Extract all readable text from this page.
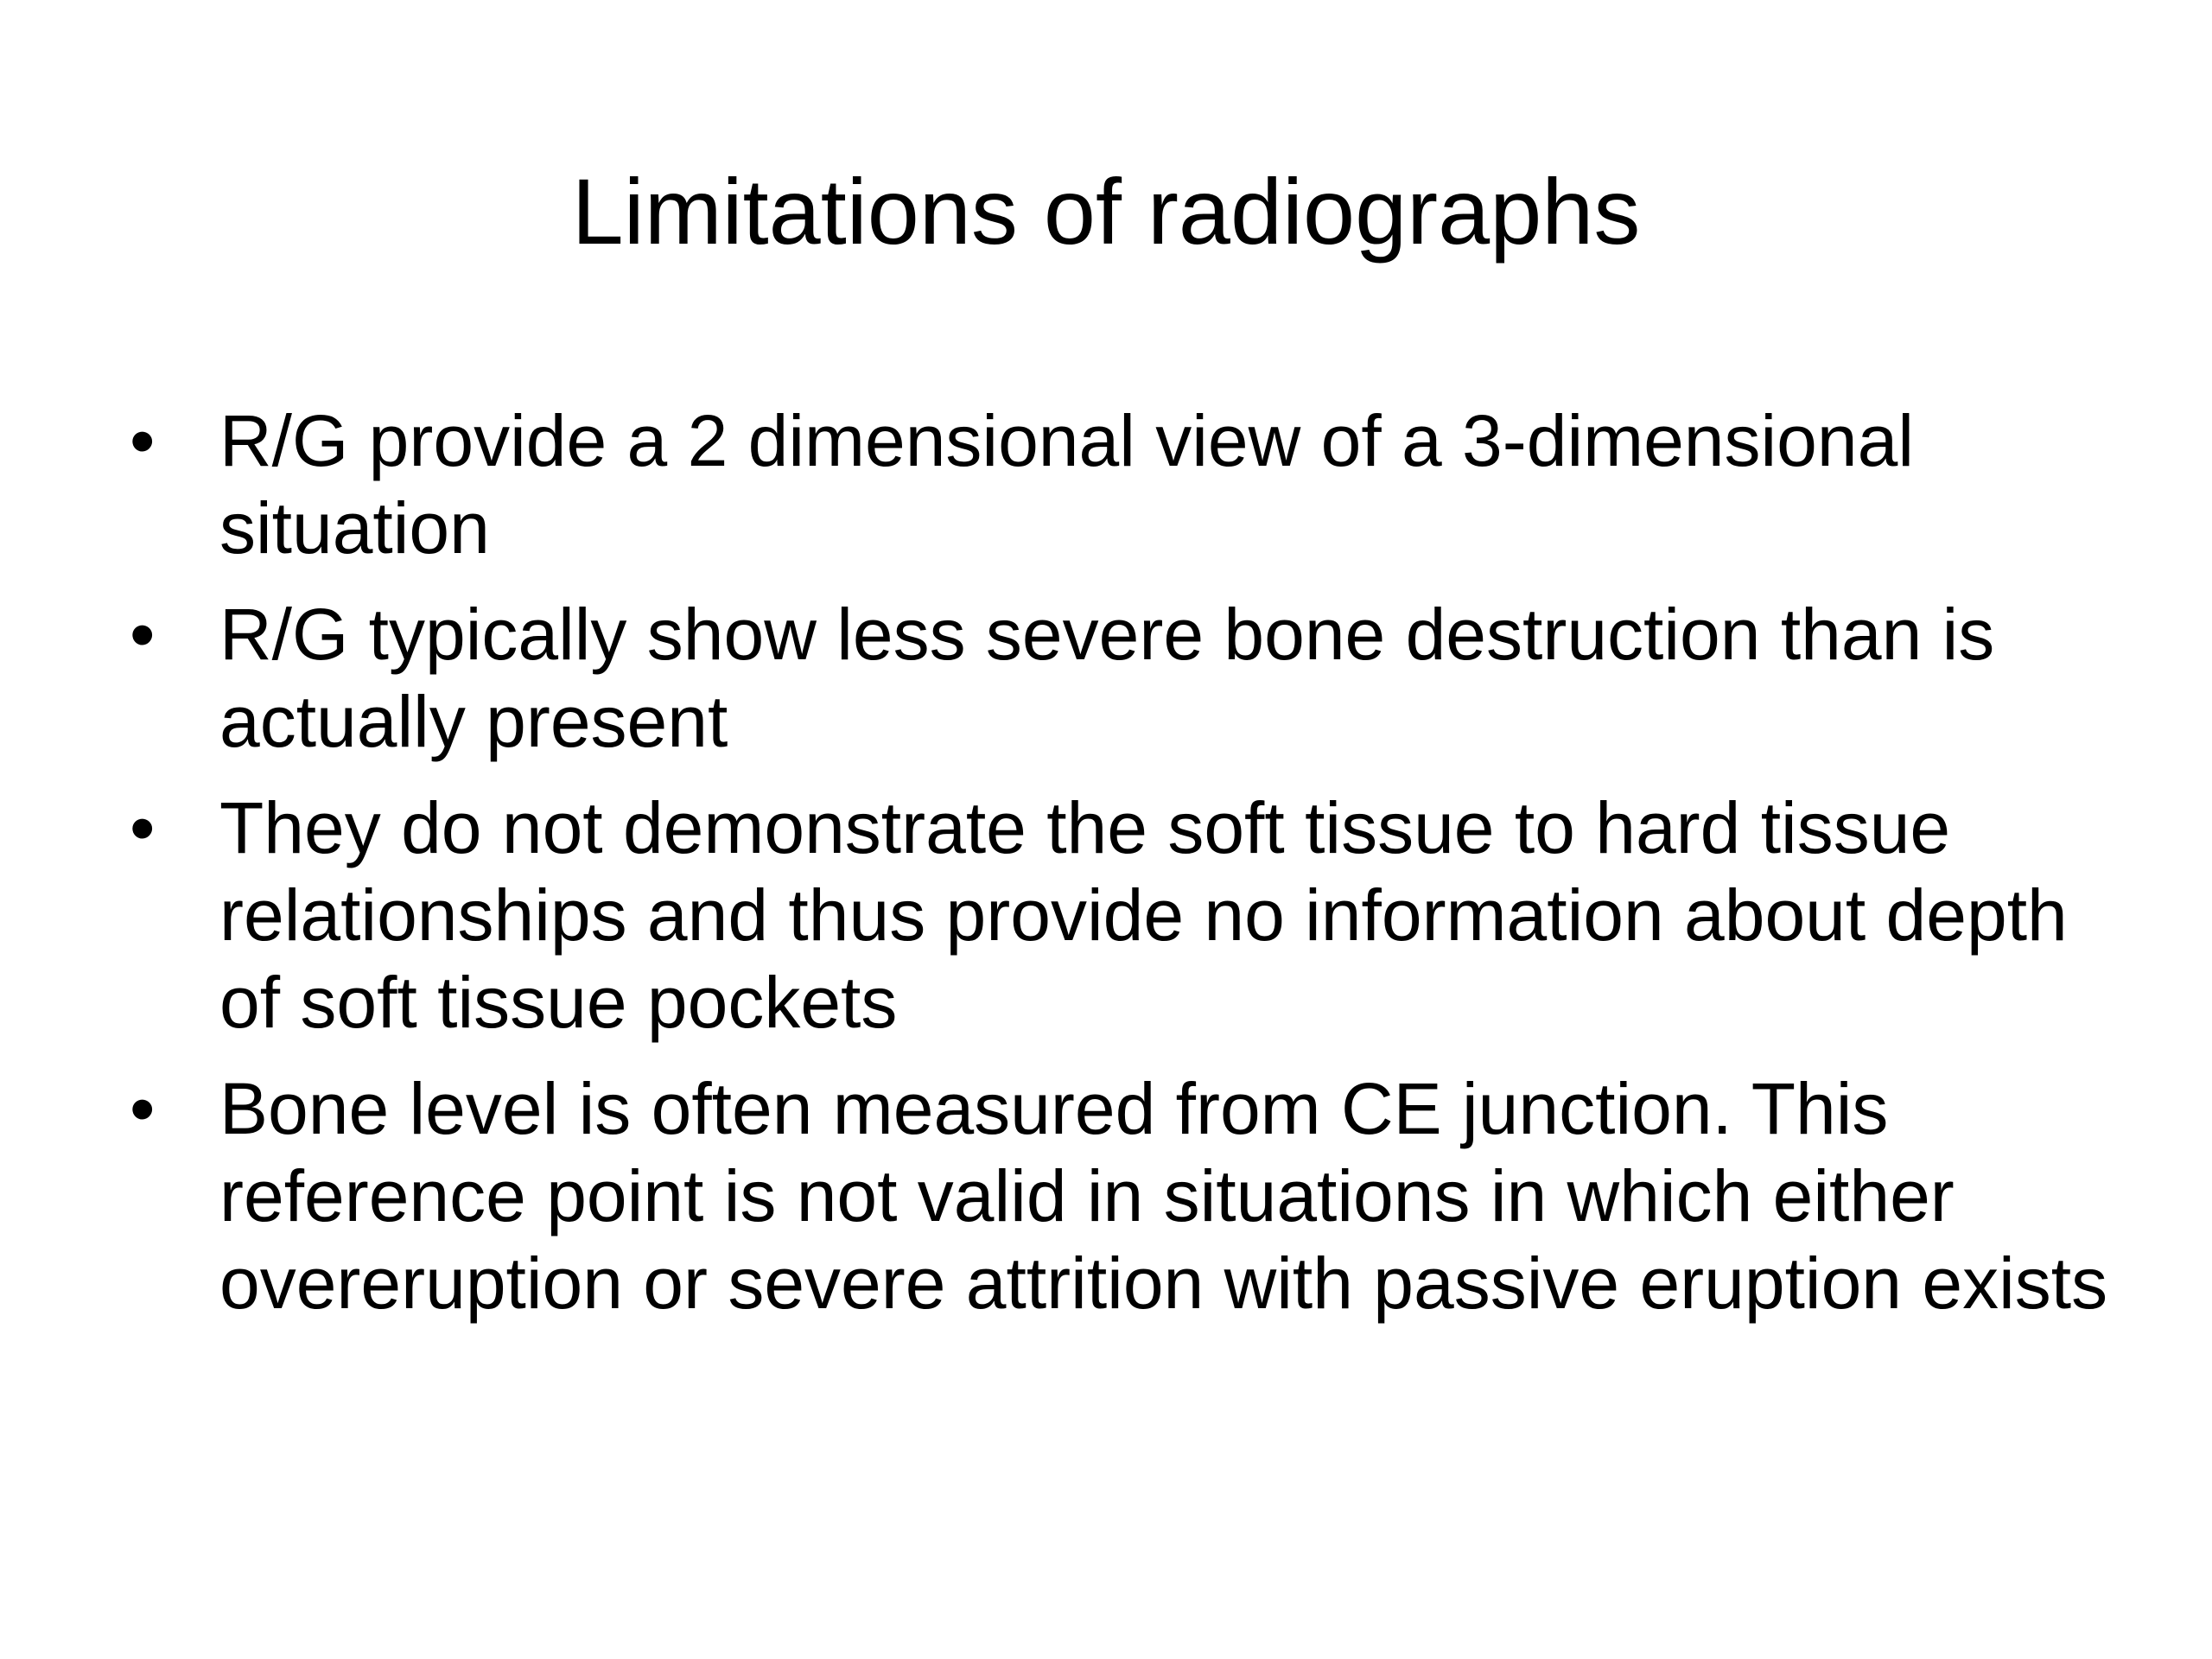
Limitations of radiographs
• R/G provide a 2 dimensional view of a 3-dimensional situation
• R/G typically show less severe bone destruction than is actually present
• They do not demonstrate the soft tissue to hard tissue relationships and thus provide no information about depth of soft tissue pockets
• Bone level is often measured from CE junction. This reference point is not valid in situations in which either overeruption or severe attrition with passive eruption exists
